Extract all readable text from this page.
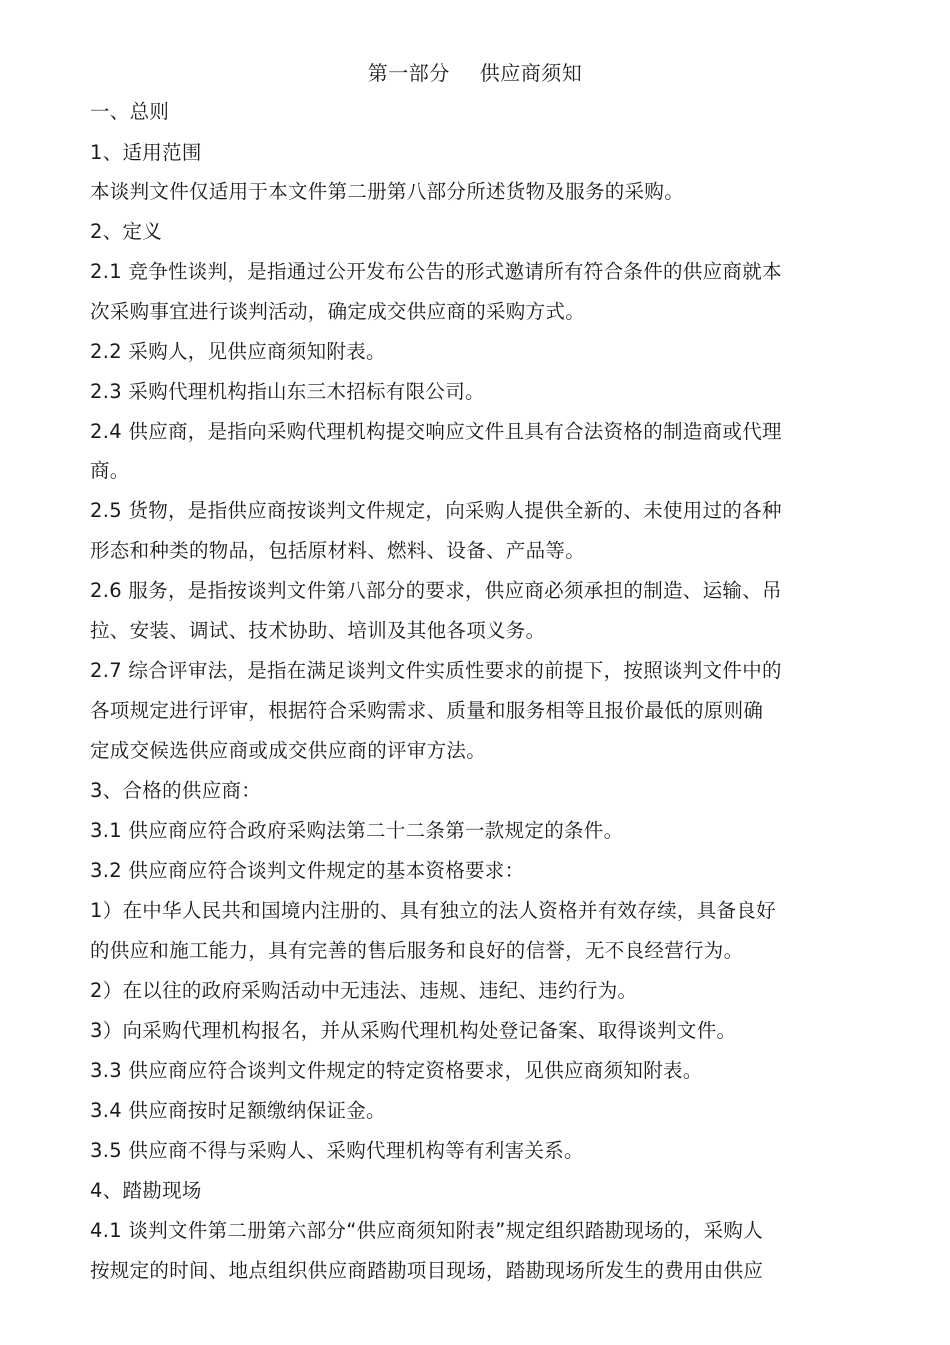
第一部分 供应商须知
一、总则
1、适用范围
本谈判文件仅适用于本文件第二册第八部分所述货物及服务的采购。
2、定义
2.1 竞争性谈判，是指通过公开发布公告的形式邀请所有符合条件的供应商就本
次采购事宜进行谈判活动，确定成交供应商的采购方式。
2.2 采购人，见供应商须知附表。
2.3 采购代理机构指山东三木招标有限公司。
2.4 供应商，是指向采购代理机构提交响应文件且具有合法资格的制造商或代理
商。
2.5 货物，是指供应商按谈判文件规定，向采购人提供全新的、未使用过的各种
形态和种类的物品，包括原材料、燃料、设备、产品等。
2.6 服务，是指按谈判文件第八部分的要求，供应商必须承担的制造、运输、吊
拉、安装、调试、技术协助、培训及其他各项义务。
2.7 综合评审法，是指在满足谈判文件实质性要求的前提下，按照谈判文件中的
各项规定进行评审，根据符合采购需求、质量和服务相等且报价最低的原则确
定成交候选供应商或成交供应商的评审方法。
3、合格的供应商：
3.1 供应商应符合政府采购法第二十二条第一款规定的条件。
3.2 供应商应符合谈判文件规定的基本资格要求：
1）在中华人民共和国境内注册的、具有独立的法人资格并有效存续，具备良好
的供应和施工能力，具有完善的售后服务和良好的信誉，无不良经营行为。
2）在以往的政府采购活动中无违法、违规、违纪、违约行为。
3）向采购代理机构报名，并从采购代理机构处登记备案、取得谈判文件。
3.3 供应商应符合谈判文件规定的特定资格要求，见供应商须知附表。
3.4 供应商按时足额缴纳保证金。
3.5 供应商不得与采购人、采购代理机构等有利害关系。
4、踏勘现场
4.1 谈判文件第二册第六部分“供应商须知附表”规定组织踏勘现场的，采购人
按规定的时间、地点组织供应商踏勘项目现场，踏勘现场所发生的费用由供应
